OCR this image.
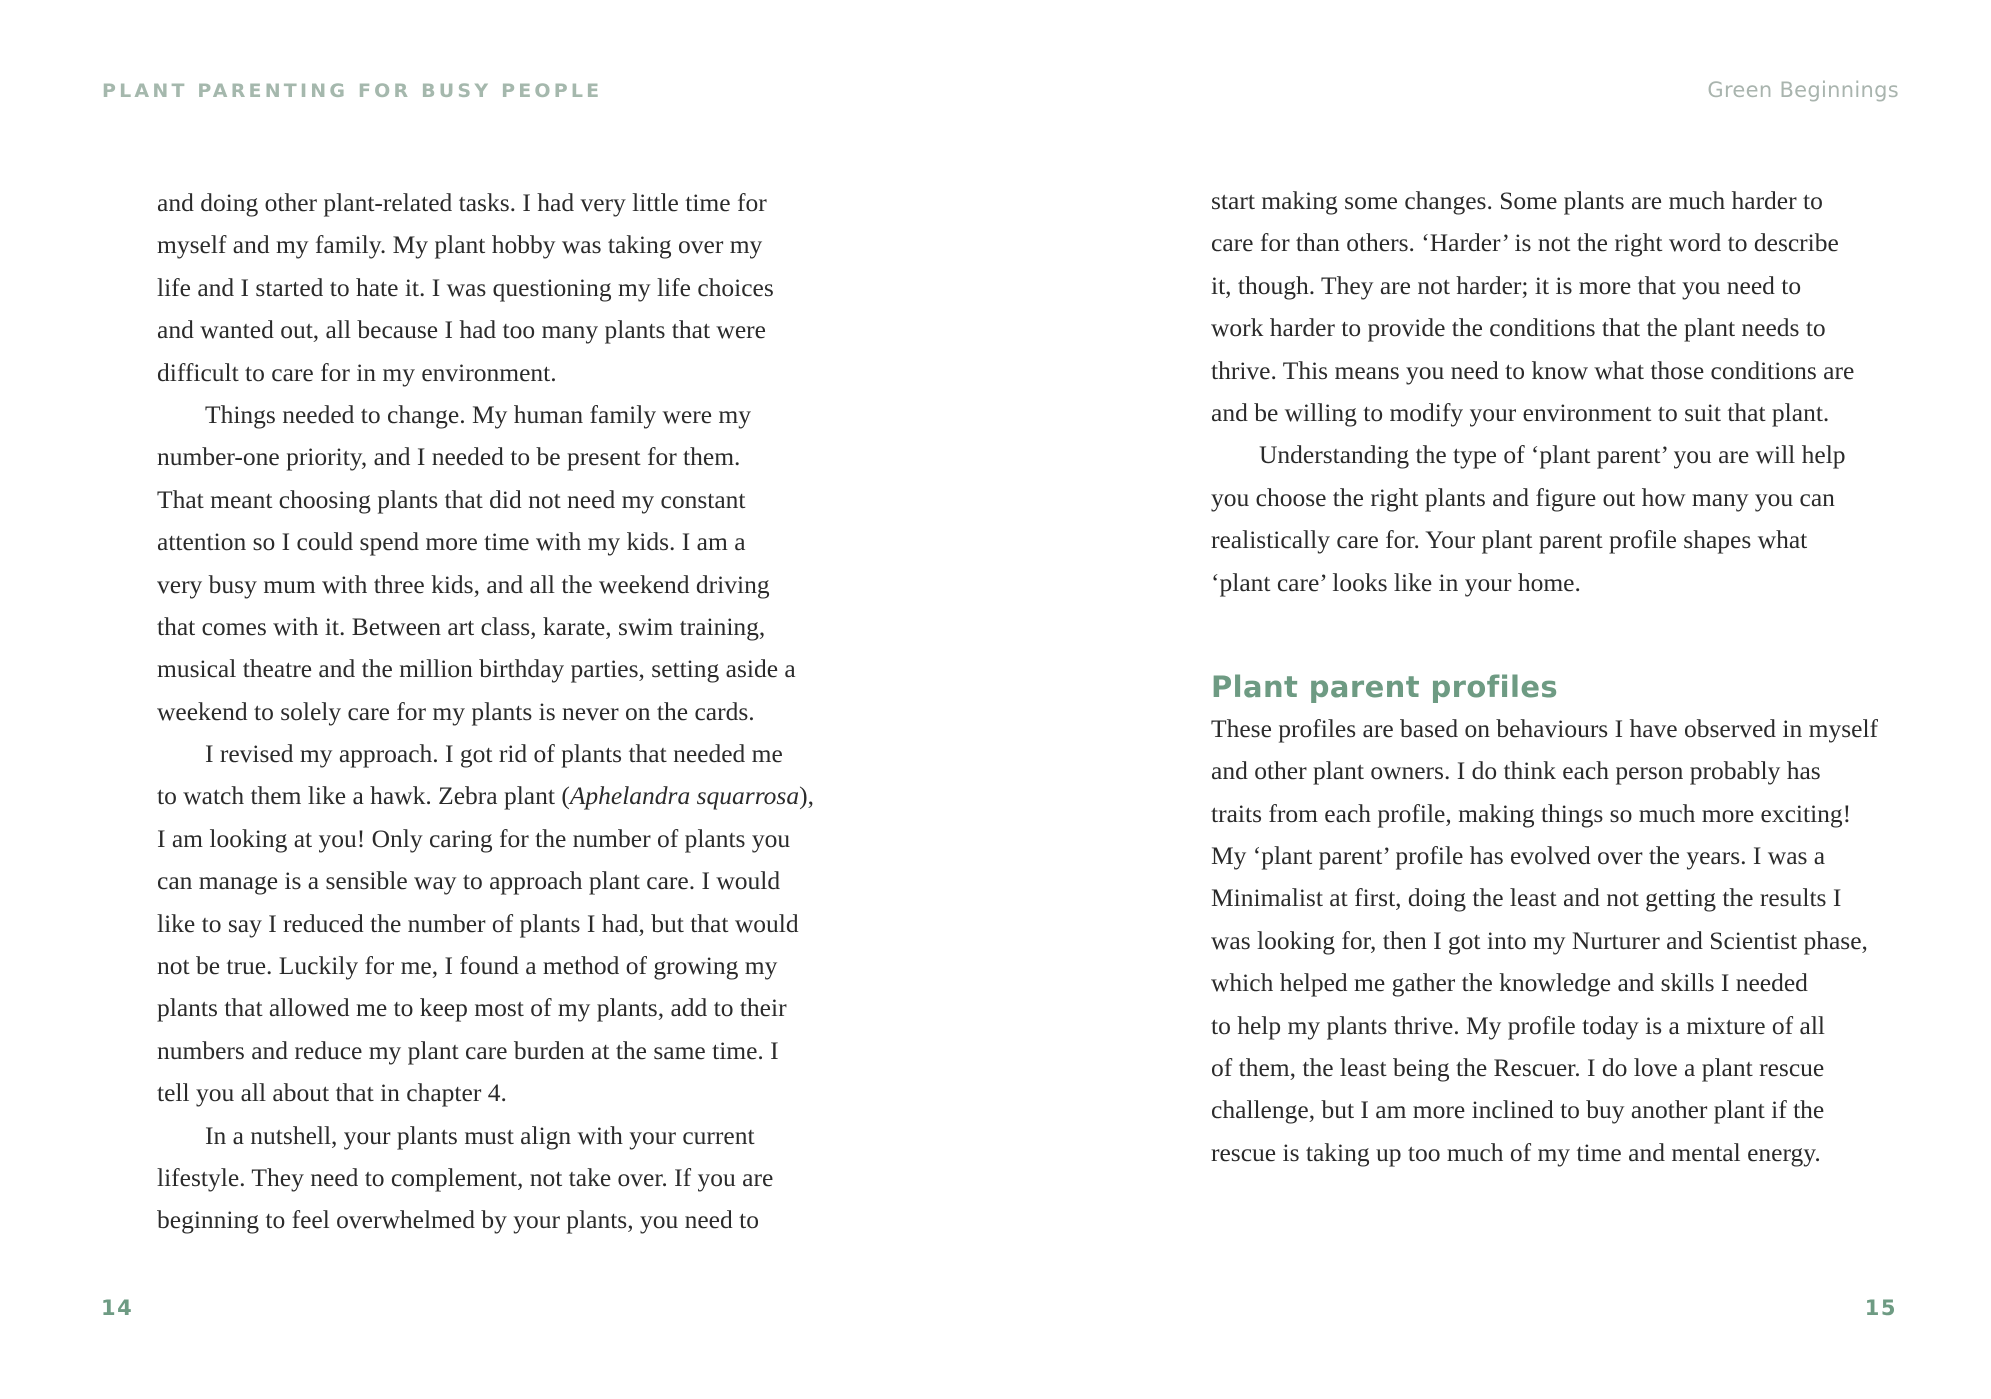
PLANT PARENTING FOR BUSY PEOPLE	Green Beginnings
and doing other plant-related tasks. I had very little time for
myself and my family. My plant hobby was taking over my
life and I started to hate it. I was questioning my life choices
and wanted out, all because I had too many plants that were
difficult to care for in my environment.
Things needed to change. My human family were my
number-one priority, and I needed to be present for them.
That meant choosing plants that did not need my constant
attention so I could spend more time with my kids. I am a
very busy mum with three kids, and all the weekend driving
that comes with it. Between art class, karate, swim training,
musical theatre and the million birthday parties, setting aside a
weekend to solely care for my plants is never on the cards.
I revised my approach. I got rid of plants that needed me
to watch them like a hawk. Zebra plant (Aphelandra squarrosa),
I am looking at you! Only caring for the number of plants you
can manage is a sensible way to approach plant care. I would
like to say I reduced the number of plants I had, but that would
not be true. Luckily for me, I found a method of growing my
plants that allowed me to keep most of my plants, add to their
numbers and reduce my plant care burden at the same time. I
tell you all about that in chapter 4.
In a nutshell, your plants must align with your current
lifestyle. They need to complement, not take over. If you are
beginning to feel overwhelmed by your plants, you need to
start making some changes. Some plants are much harder to
care for than others. ‘Harder’ is not the right word to describe
it, though. They are not harder; it is more that you need to
work harder to provide the conditions that the plant needs to
thrive. This means you need to know what those conditions are
and be willing to modify your environment to suit that plant.
Understanding the type of ‘plant parent’ you are will help
you choose the right plants and figure out how many you can
realistically care for. Your plant parent profile shapes what
‘plant care’ looks like in your home.
Plant parent profiles
These profiles are based on behaviours I have observed in myself
and other plant owners. I do think each person probably has
traits from each profile, making things so much more exciting!
My ‘plant parent’ profile has evolved over the years. I was a
Minimalist at first, doing the least and not getting the results I
was looking for, then I got into my Nurturer and Scientist phase,
which helped me gather the knowledge and skills I needed
to help my plants thrive. My profile today is a mixture of all
of them, the least being the Rescuer. I do love a plant rescue
challenge, but I am more inclined to buy another plant if the
rescue is taking up too much of my time and mental energy.
14	15
